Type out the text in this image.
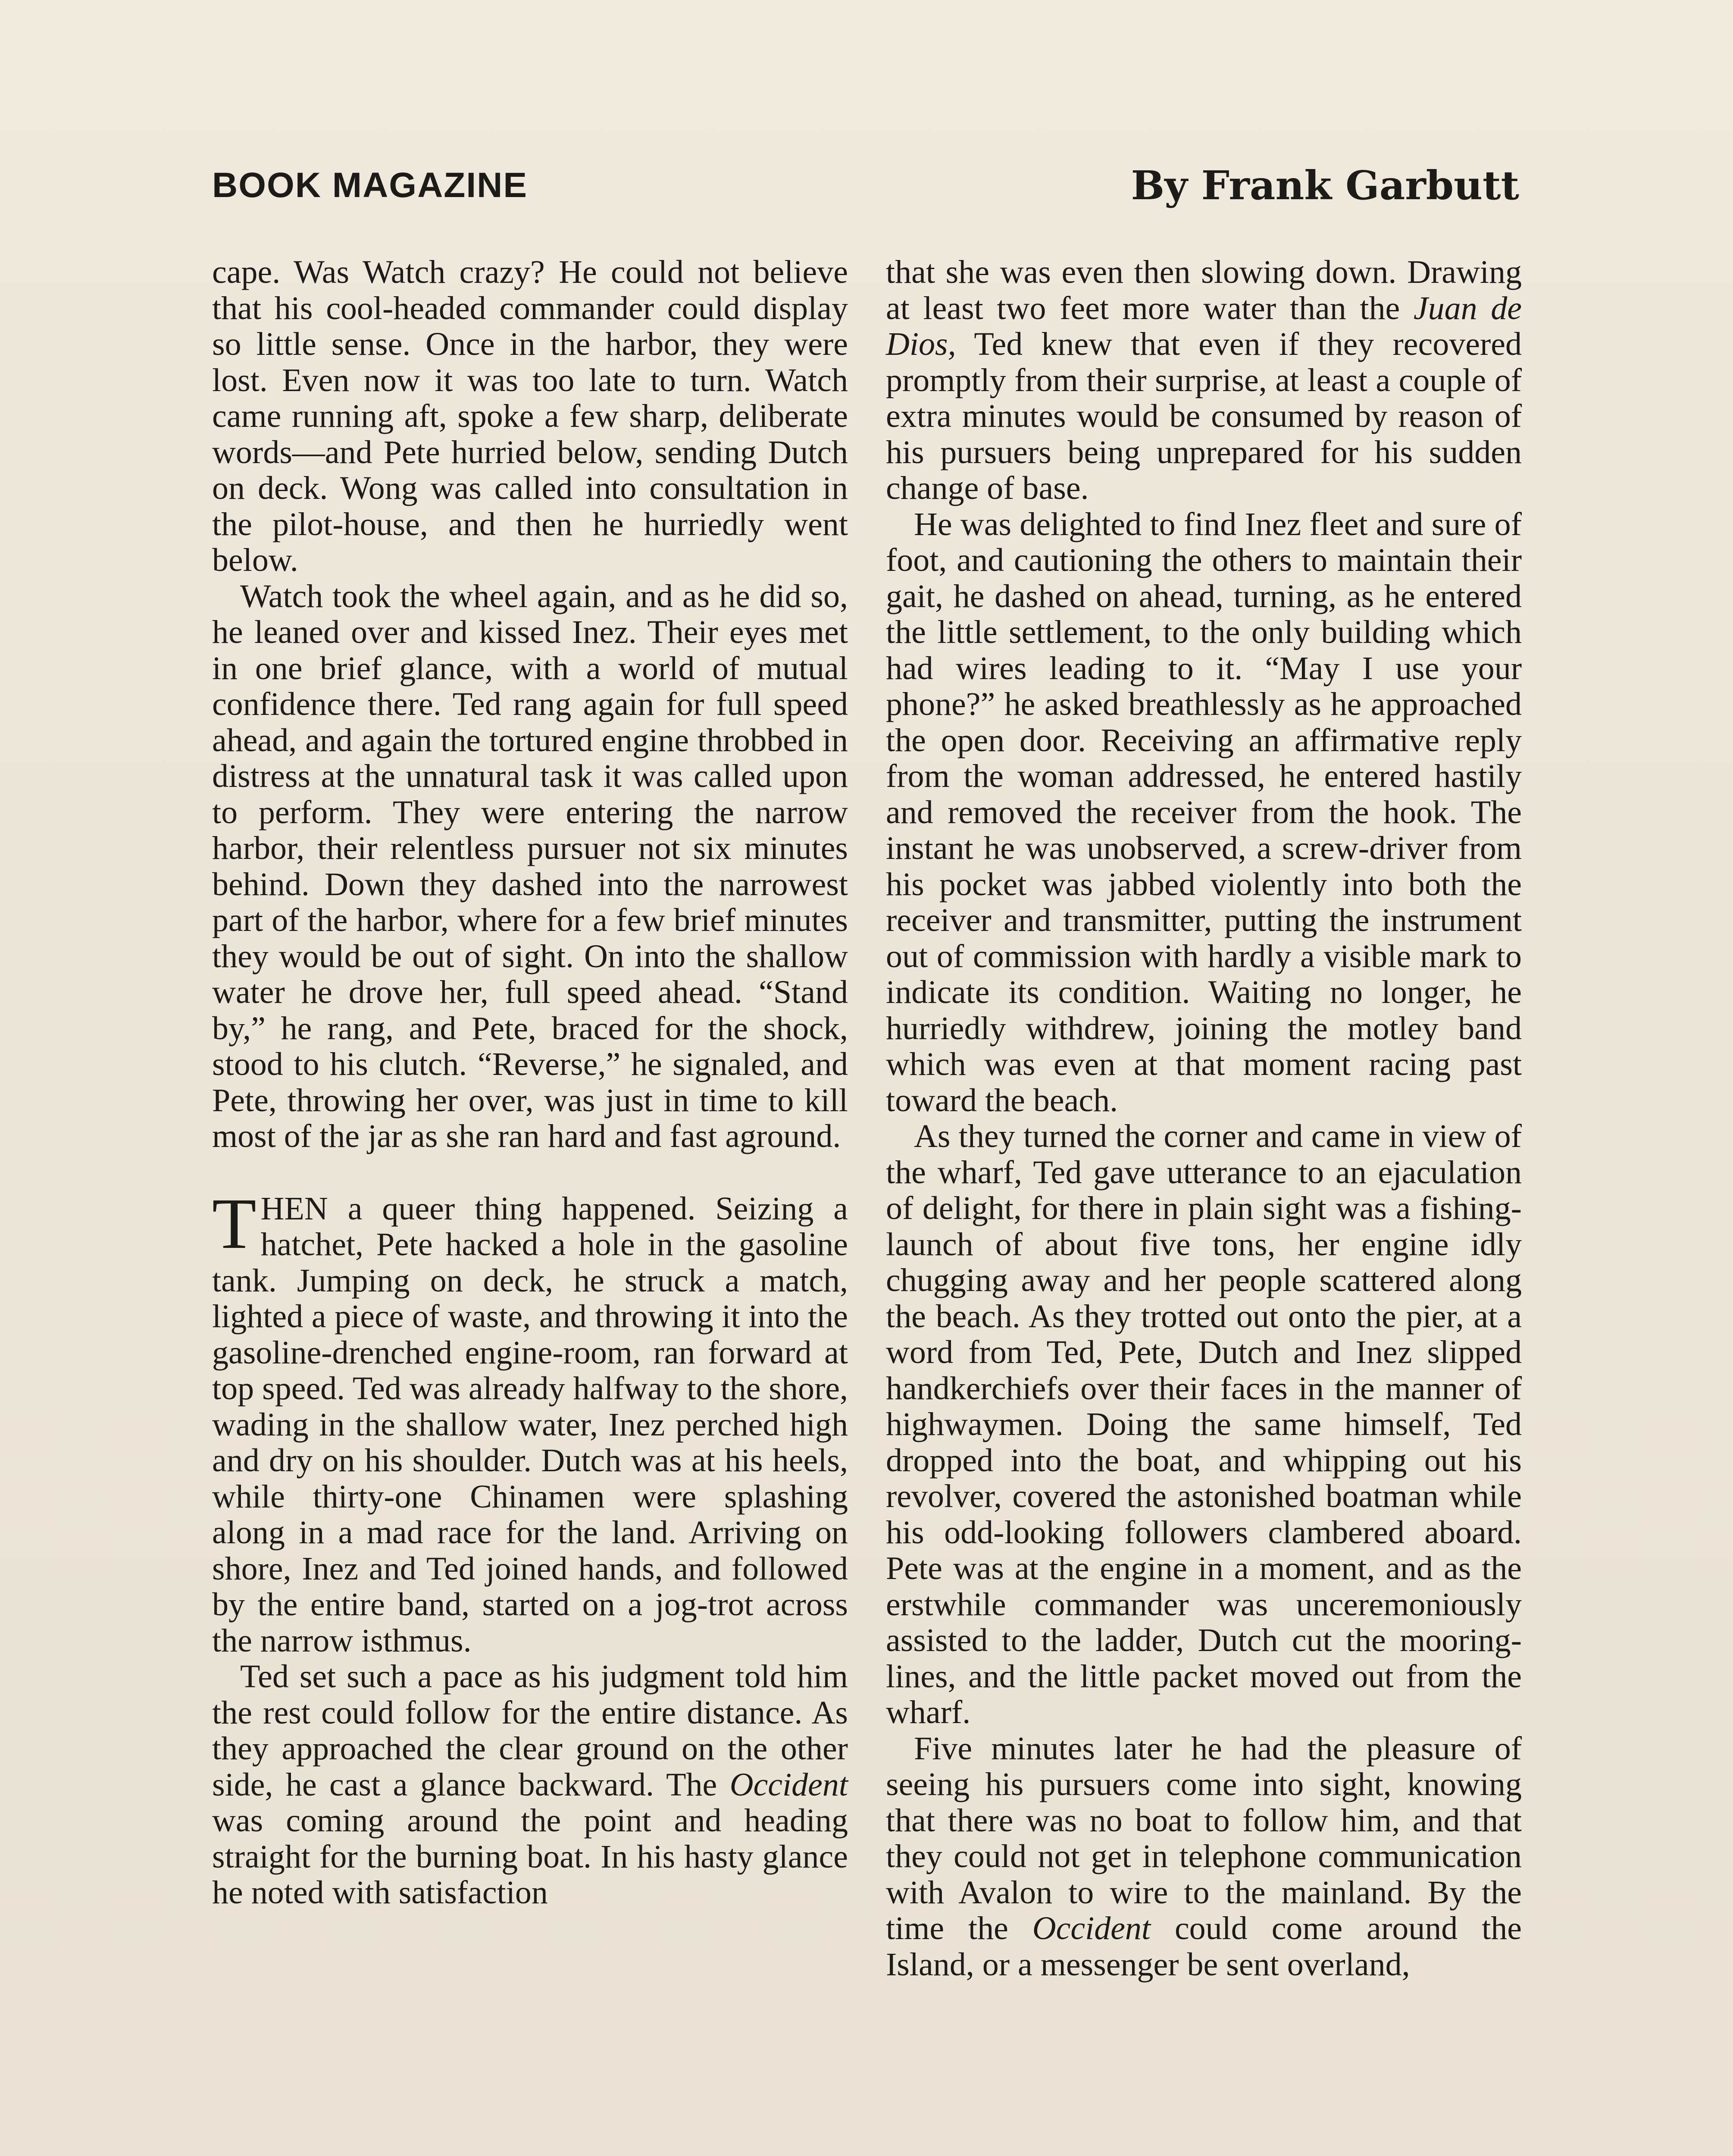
BOOK MAGAZINE	By Frank Garbutt

cape. Was Watch crazy? He could not believe that his cool-headed commander could display so little sense. Once in the harbor, they were lost. Even now it was too late to turn. Watch came running aft, spoke a few sharp, deliberate words—and Pete hurried below, sending Dutch on deck. Wong was called into consultation in the pilot-house, and then he hurriedly went below.

Watch took the wheel again, and as he did so, he leaned over and kissed Inez. Their eyes met in one brief glance, with a world of mutual confidence there. Ted rang again for full speed ahead, and again the tortured engine throbbed in distress at the unnatural task it was called upon to perform. They were entering the narrow harbor, their relentless pursuer not six minutes behind. Down they dashed into the narrowest part of the harbor, where for a few brief minutes they would be out of sight. On into the shallow water he drove her, full speed ahead. “Stand by,” he rang, and Pete, braced for the shock, stood to his clutch. “Reverse,” he signaled, and Pete, throwing her over, was just in time to kill most of the jar as she ran hard and fast aground.

THEN a queer thing happened. Seizing a hatchet, Pete hacked a hole in the gasoline tank. Jumping on deck, he struck a match, lighted a piece of waste, and throwing it into the gasoline-drenched engine-room, ran forward at top speed. Ted was already halfway to the shore, wading in the shallow water, Inez perched high and dry on his shoulder. Dutch was at his heels, while thirty-one Chinamen were splashing along in a mad race for the land. Arriving on shore, Inez and Ted joined hands, and followed by the entire band, started on a jog-trot across the narrow isthmus.

Ted set such a pace as his judgment told him the rest could follow for the entire distance. As they approached the clear ground on the other side, he cast a glance backward. The Occident was coming around the point and heading straight for the burning boat. In his hasty glance he noted with satisfaction

that she was even then slowing down. Drawing at least two feet more water than the Juan de Dios, Ted knew that even if they recovered promptly from their surprise, at least a couple of extra minutes would be consumed by reason of his pursuers being unprepared for his sudden change of base.

He was delighted to find Inez fleet and sure of foot, and cautioning the others to maintain their gait, he dashed on ahead, turning, as he entered the little settlement, to the only building which had wires leading to it. “May I use your phone?” he asked breathlessly as he approached the open door. Receiving an affirmative reply from the woman addressed, he entered hastily and removed the receiver from the hook. The instant he was unobserved, a screw-driver from his pocket was jabbed violently into both the receiver and transmitter, putting the instrument out of commission with hardly a visible mark to indicate its condition. Waiting no longer, he hurriedly withdrew, joining the motley band which was even at that moment racing past toward the beach.

As they turned the corner and came in view of the wharf, Ted gave utterance to an ejaculation of delight, for there in plain sight was a fishing-launch of about five tons, her engine idly chugging away and her people scattered along the beach. As they trotted out onto the pier, at a word from Ted, Pete, Dutch and Inez slipped handkerchiefs over their faces in the manner of highwaymen. Doing the same himself, Ted dropped into the boat, and whipping out his revolver, covered the astonished boatman while his odd-looking followers clambered aboard. Pete was at the engine in a moment, and as the erstwhile commander was unceremoniously assisted to the ladder, Dutch cut the mooring-lines, and the little packet moved out from the wharf.

Five minutes later he had the pleasure of seeing his pursuers come into sight, knowing that there was no boat to follow him, and that they could not get in telephone communication with Avalon to wire to the mainland. By the time the Occident could come around the Island, or a messenger be sent overland,
